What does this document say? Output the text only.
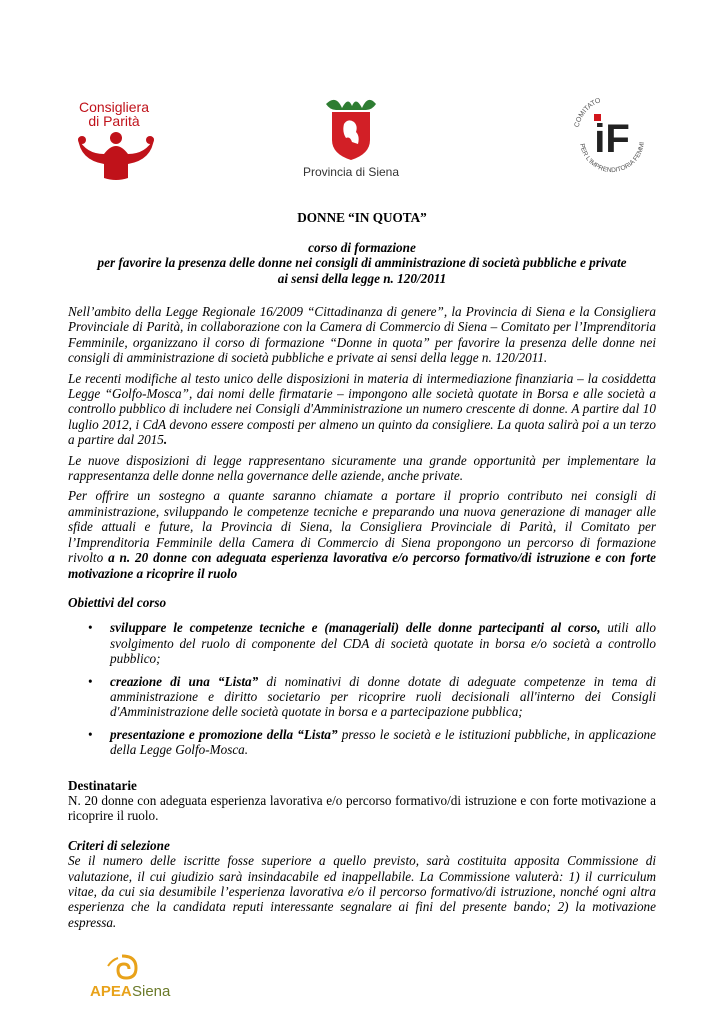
Consigliera
di Parità
Provincia di Siena
COMITATO
PER L'IMPRENDITORIA FEMMI
iF
DONNE “IN QUOTA”
corso di formazione
per favorire la presenza delle donne nei consigli di amministrazione di società pubbliche e private
ai sensi della legge n. 120/2011

Nell’ambito della Legge Regionale 16/2009 “Cittadinanza di genere”, la Provincia di Siena e la Consigliera Provinciale di Parità, in collaborazione con la Camera di Commercio di Siena – Comitato per l’Imprenditoria Femminile, organizzano il corso di formazione “Donne in quota” per favorire la presenza delle donne nei consigli di amministrazione di società pubbliche e private ai sensi della legge n. 120/2011.

Le recenti modifiche al testo unico delle disposizioni in materia di intermediazione finanziaria – la cosiddetta Legge “Golfo-Mosca”, dai nomi delle firmatarie – impongono alle società quotate in Borsa e alle società a controllo pubblico di includere nei Consigli d'Amministrazione un numero crescente di donne. A partire dal 10 luglio 2012, i CdA devono essere composti per almeno un quinto da consigliere. La quota salirà poi a un terzo a partire dal 2015.

Le nuove disposizioni di legge rappresentano sicuramente una grande opportunità per implementare la rappresentanza delle donne nella governance delle aziende, anche private.

Per offrire un sostegno a quante saranno chiamate a portare il proprio contributo nei consigli di amministrazione, sviluppando le competenze tecniche e preparando una nuova generazione di manager alle sfide attuali e future, la Provincia di Siena, la Consigliera Provinciale di Parità, il Comitato per l’Imprenditoria Femminile della Camera di Commercio di Siena propongono un percorso di formazione rivolto a n. 20 donne con adeguata esperienza lavorativa e/o percorso formativo/di istruzione e con forte motivazione a ricoprire il ruolo

Obiettivi del corso

• sviluppare le competenze tecniche e (manageriali) delle donne partecipanti al corso, utili allo svolgimento del ruolo di componente del CDA di società quotate in borsa e/o società a controllo pubblico;
• creazione di una “Lista” di nominativi di donne dotate di adeguate competenze in tema di amministrazione e diritto societario per ricoprire ruoli decisionali all'interno dei Consigli d'Amministrazione delle società quotate in borsa e a partecipazione pubblica;
• presentazione e promozione della “Lista” presso le società e le istituzioni pubbliche, in applicazione della Legge Golfo-Mosca.

Destinatarie

N. 20 donne con adeguata esperienza lavorativa e/o percorso formativo/di istruzione e con forte motivazione a ricoprire il ruolo.

Criteri di selezione

Se il numero delle iscritte fosse superiore a quello previsto, sarà costituita apposita Commissione di valutazione, il cui giudizio sarà insindacabile ed inappellabile. La Commissione valuterà: 1) il curriculum vitae, da cui sia desumibile l’esperienza lavorativa e/o il percorso formativo/di istruzione, nonché ogni altra esperienza che la candidata reputi interessante segnalare ai fini del presente bando; 2) la motivazione espressa.

APEA Siena
